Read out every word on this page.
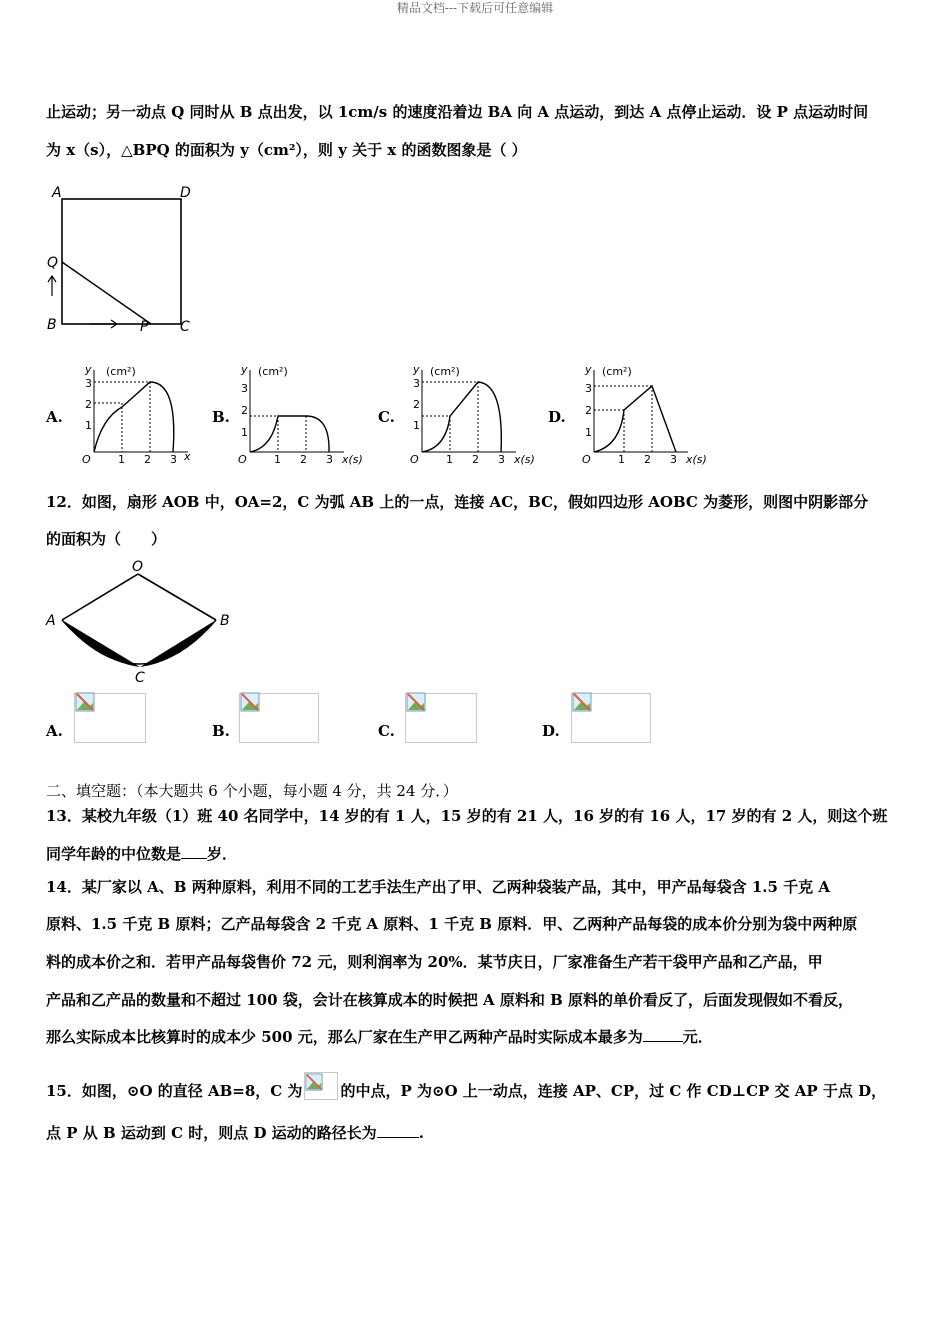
精品文档---下载后可任意编辑
止运动；另一动点 Q 同时从 B 点出发，以 1cm/s 的速度沿着边 BA 向 A 点运动，到达 A 点停止运动．设 P 点运动时间
为 x（s），△BPQ 的面积为 y（cm²），则 y 关于 x 的函数图象是（ ）
A	D
Q
B	P C
A.
y (cm²)
x
O
1
2
3
1 2 3
B.
y (cm²)
x(s)
O
1
2
3
1 2 3
C.
y (cm²)
x(s)
O
1
2
3
1 2 3
D.
y (cm²)
x(s)
O
1
2
3
1 2 3
12．如图，扇形 AOB 中，OA=2，C 为弧 AB 上的一点，连接 AC，BC，假如四边形 AOBC 为菱形，则图中阴影部分
的面积为（　　）
O
A	B
C
A.	B.	C.	D.
二、填空题：（本大题共 6 个小题，每小题 4 分，共 24 分．）
13．某校九年级（1）班 40 名同学中，14 岁的有 1 人，15 岁的有 21 人，16 岁的有 16 人，17 岁的有 2 人，则这个班
同学年龄的中位数是 岁．
14．某厂家以 A、B 两种原料，利用不同的工艺手法生产出了甲、乙两种袋装产品，其中，甲产品每袋含 1.5 千克 A
原料、1.5 千克 B 原料；乙产品每袋含 2 千克 A 原料、1 千克 B 原料．甲、乙两种产品每袋的成本价分别为袋中两种原
料的成本价之和．若甲产品每袋售价 72 元，则利润率为 20%．某节庆日，厂家准备生产若干袋甲产品和乙产品，甲
产品和乙产品的数量和不超过 100 袋，会计在核算成本的时候把 A 原料和 B 原料的单价看反了，后面发现假如不看反，
那么实际成本比核算时的成本少 500 元，那么厂家在生产甲乙两种产品时实际成本最多为	元．
15．如图，⊙O 的直径 AB=8，C 为	的中点，P 为⊙O 上一动点，连接 AP、CP，过 C 作 CD⊥CP 交 AP 于点 D，
点 P 从 B 运动到 C 时，则点 D 运动的路径长为	.
